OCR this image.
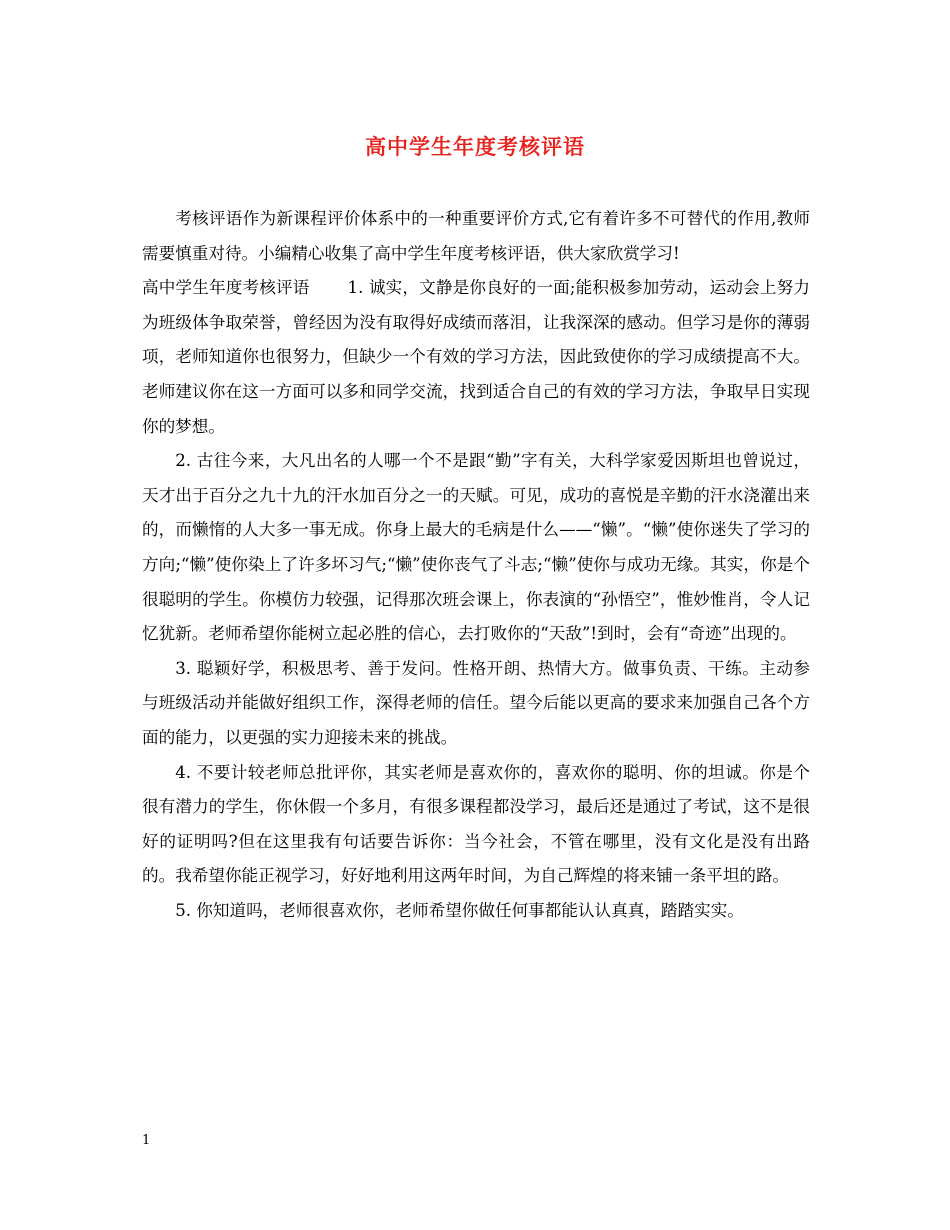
高中学生年度考核评语

考核评语作为新课程评价体系中的一种重要评价方式,它有着许多不可替代的作用,教师需要慎重对待。小编精心收集了高中学生年度考核评语，供大家欣赏学习!

高中学生年度考核评语 1. 诚实，文静是你良好的一面;能积极参加劳动，运动会上努力为班级体争取荣誉，曾经因为没有取得好成绩而落泪，让我深深的感动。但学习是你的薄弱项，老师知道你也很努力，但缺少一个有效的学习方法，因此致使你的学习成绩提高不大。老师建议你在这一方面可以多和同学交流，找到适合自己的有效的学习方法，争取早日实现你的梦想。

2. 古往今来，大凡出名的人哪一个不是跟“勤”字有关，大科学家爱因斯坦也曾说过，天才出于百分之九十九的汗水加百分之一的天赋。可见，成功的喜悦是辛勤的汗水浇灌出来的，而懒惰的人大多一事无成。你身上最大的毛病是什么——“懒”。“懒”使你迷失了学习的方向;“懒”使你染上了许多坏习气;“懒”使你丧气了斗志;“懒”使你与成功无缘。其实，你是个很聪明的学生。你模仿力较强，记得那次班会课上，你表演的“孙悟空”，惟妙惟肖，令人记忆犹新。老师希望你能树立起必胜的信心，去打败你的“天敌”!到时，会有“奇迹”出现的。

3. 聪颖好学，积极思考、善于发问。性格开朗、热情大方。做事负责、干练。主动参与班级活动并能做好组织工作，深得老师的信任。望今后能以更高的要求来加强自己各个方面的能力，以更强的实力迎接未来的挑战。

4. 不要计较老师总批评你，其实老师是喜欢你的，喜欢你的聪明、你的坦诚。你是个很有潜力的学生，你休假一个多月，有很多课程都没学习，最后还是通过了考试，这不是很好的证明吗?但在这里我有句话要告诉你：当今社会，不管在哪里，没有文化是没有出路的。我希望你能正视学习，好好地利用这两年时间，为自己辉煌的将来铺一条平坦的路。

5. 你知道吗，老师很喜欢你，老师希望你做任何事都能认认真真，踏踏实实。

1
